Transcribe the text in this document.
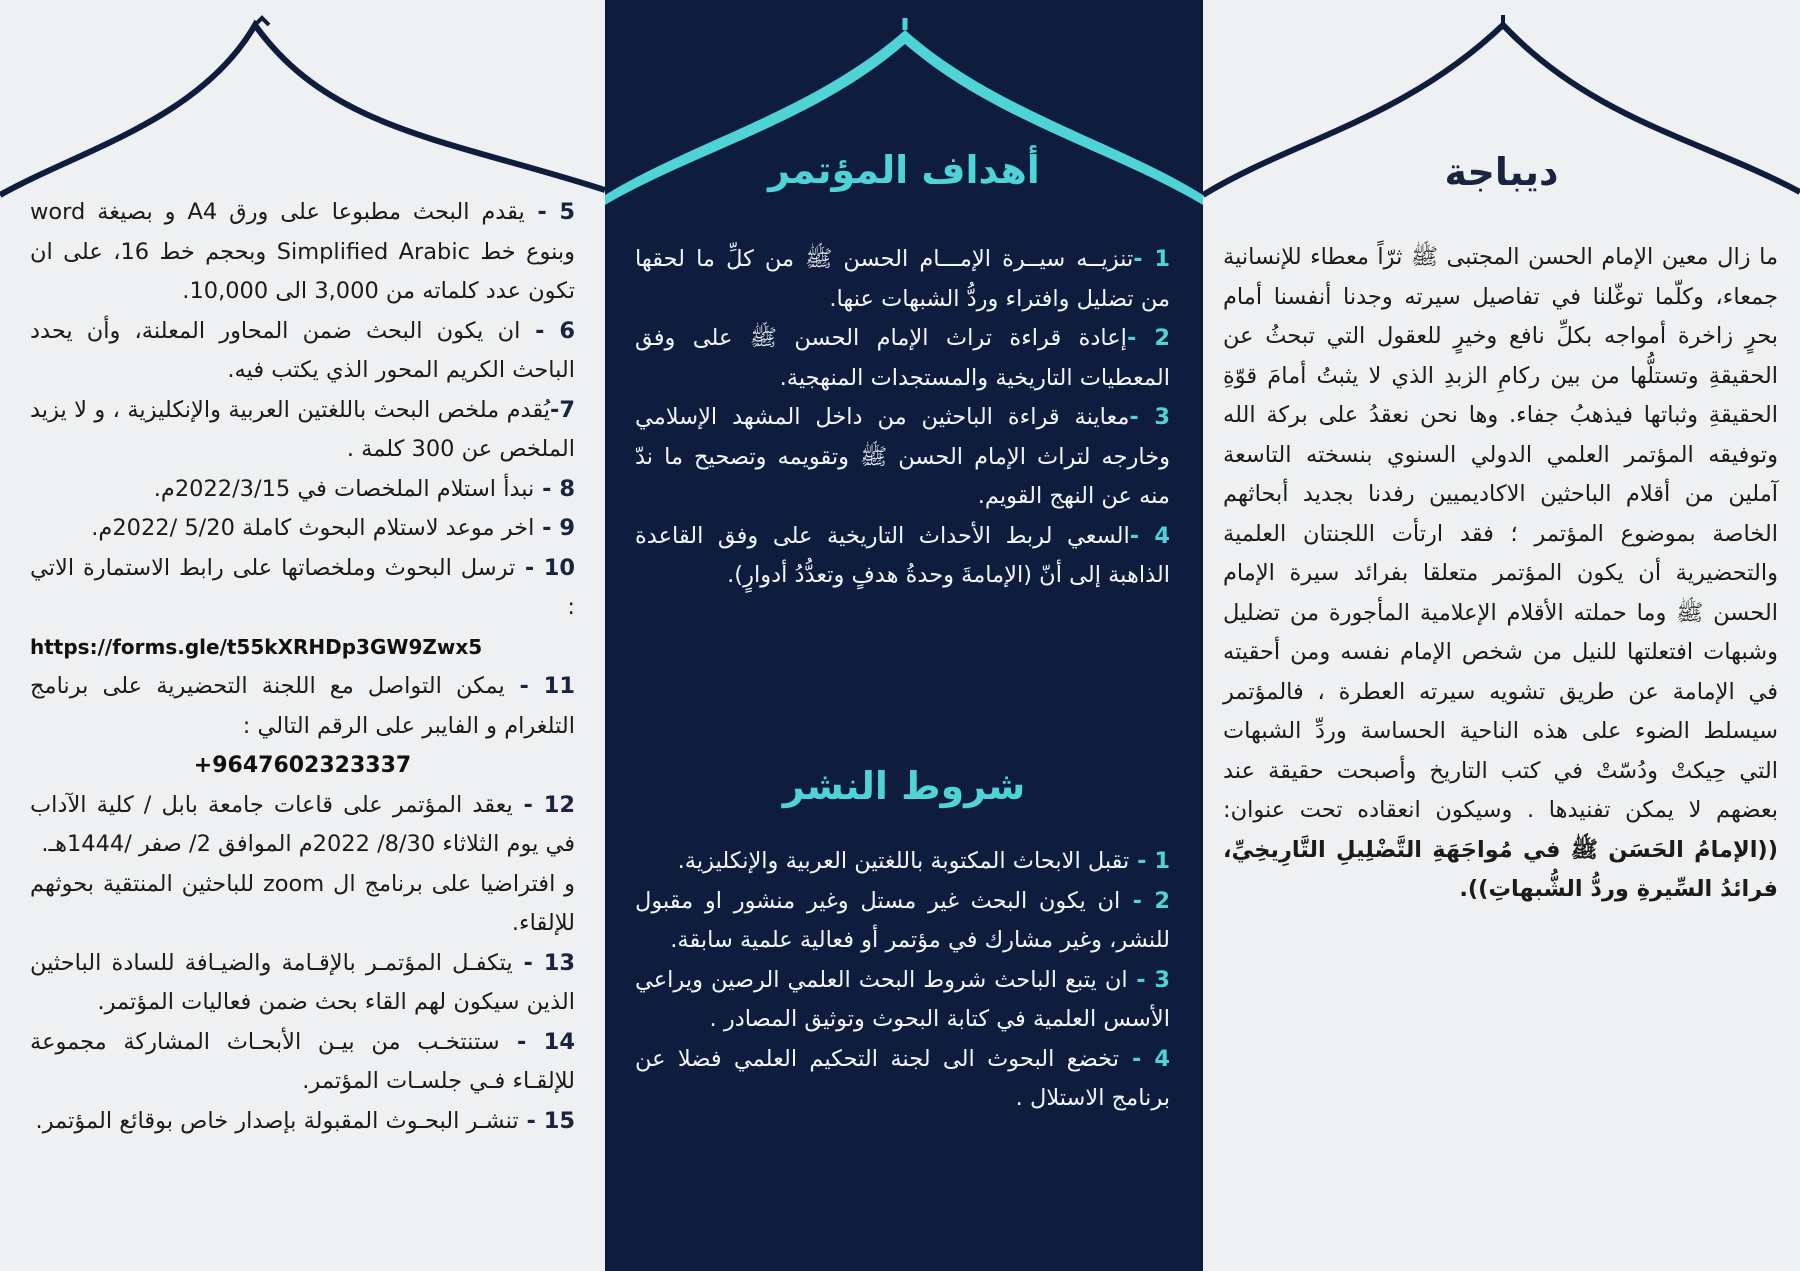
5 - يقدم البحث مطبوعا على ورق A4 و بصيغة word وبنوع خط Simplified Arabic وبحجم خط 16، على ان تكون عدد كلماته من 3,000 الى 10,000.

6 - ان يكون البحث ضمن المحاور المعلنة، وأن يحدد الباحث الكريم المحور الذي يكتب فيه.

7-يُقدم ملخص البحث باللغتين العربية والإنكليزية ، و لا يزيد الملخص عن 300 كلمة .

8 - نبدأ استلام الملخصات في 2022/3/15م.

9 - اخر موعد لاستلام البحوث كاملة 5/20 /2022م.

10 - ترسل البحوث وملخصاتها على رابط الاستمارة الاتي :

https://forms.gle/t55kXRHDp3GW9Zwx5

11 - يمكن التواصل مع اللجنة التحضيرية على برنامج التلغرام و الفايبر على الرقم التالي :

+9647602323337

12 - يعقد المؤتمر على قاعات جامعة بابل / كلية الآداب في يوم الثلاثاء 8/30/ 2022م الموافق 2/ صفر /1444هـ.

و افتراضيا على برنامج ال zoom للباحثين المنتقية بحوثهم للإلقاء.

13 - يتكفـل المؤتمـر بالإقـامة والضيـافة للسادة الباحثين الذين سيكون لهم القاء بحث ضمن فعاليات المؤتمر.

14 - ستنتخـب من بيـن الأبحـاث المشاركة مجموعة للإلقـاء فـي جلسـات المؤتمر.

15 - تنشـر البحـوث المقبولة بإصدار خاص بوقائع المؤتمر.

أهداف المؤتمر

1 -تنزيــه سيــرة الإمـــام الحسن ﷺ من كلِّ ما لحقها من تضليل وافتراء وردُّ الشبهات عنها.

2 -إعادة قراءة تراث الإمام الحسن ﷺ على وفق المعطيات التاريخية والمستجدات المنهجية.

3 -معاينة قراءة الباحثين من داخل المشهد الإسلامي وخارجه لتراث الإمام الحسن ﷺ وتقويمه وتصحيح ما ندّ منه عن النهج القويم.

4 -السعي لربط الأحداث التاريخية على وفق القاعدة الذاهبة إلى أنّ (الإمامةَ وحدةُ هدفٍ وتعدُّدُ أدوارٍ).

شروط النشر

1 - تقبل الابحاث المكتوبة باللغتين العربية والإنكليزية.

2 - ان يكون البحث غير مستل وغير منشور او مقبول للنشر، وغير مشارك في مؤتمر أو فعالية علمية سابقة.

3 - ان يتبع الباحث شروط البحث العلمي الرصين ويراعي الأسس العلمية في كتابة البحوث وتوثيق المصادر .

4 - تخضع البحوث الى لجنة التحكيم العلمي فضلا عن برنامج الاستلال .

ديباجة
ما زال معين الإمام الحسن المجتبى ﷺ ثرّاً معطاء للإنسانية جمعاء، وكلّما توغّلنا في تفاصيل سيرته وجدنا أنفسنا أمام بحرٍ زاخرة أمواجه بكلِّ نافع وخيرٍ للعقول التي تبحثُ عن الحقيقةِ وتستلُّها من بين ركامِ الزبدِ الذي لا يثبتُ أمامَ قوّةِ الحقيقةِ وثباتها فيذهبُ جفاء. وها نحن نعقدُ على بركة الله وتوفيقه المؤتمر العلمي الدولي السنوي بنسخته التاسعة آملين من أقلام الباحثين الاكاديميين رفدنا بجديد أبحاثهم الخاصة بموضوع المؤتمر ؛ فقد ارتأت اللجنتان العلمية والتحضيرية أن يكون المؤتمر متعلقا بفرائد سيرة الإمام الحسن ﷺ وما حملته الأقلام الإعلامية المأجورة من تضليل وشبهات افتعلتها للنيل من شخص الإمام نفسه ومن أحقيته في الإمامة عن طريق تشويه سيرته العطرة ، فالمؤتمر سيسلط الضوء على هذه الناحية الحساسة وردِّ الشبهات التي حِيكتْ ودُسّتْ في كتب التاريخ وأصبحت حقيقة عند بعضهم لا يمكن تفنيدها . وسيكون انعقاده تحت عنوان: ((الإمامُ الحَسَن ﷺ في مُواجَهَةِ التَّضْلِيلِ التَّارِيخِيِّ، فرائدُ السِّيرةِ وردُّ الشُّبهاتِ)).
